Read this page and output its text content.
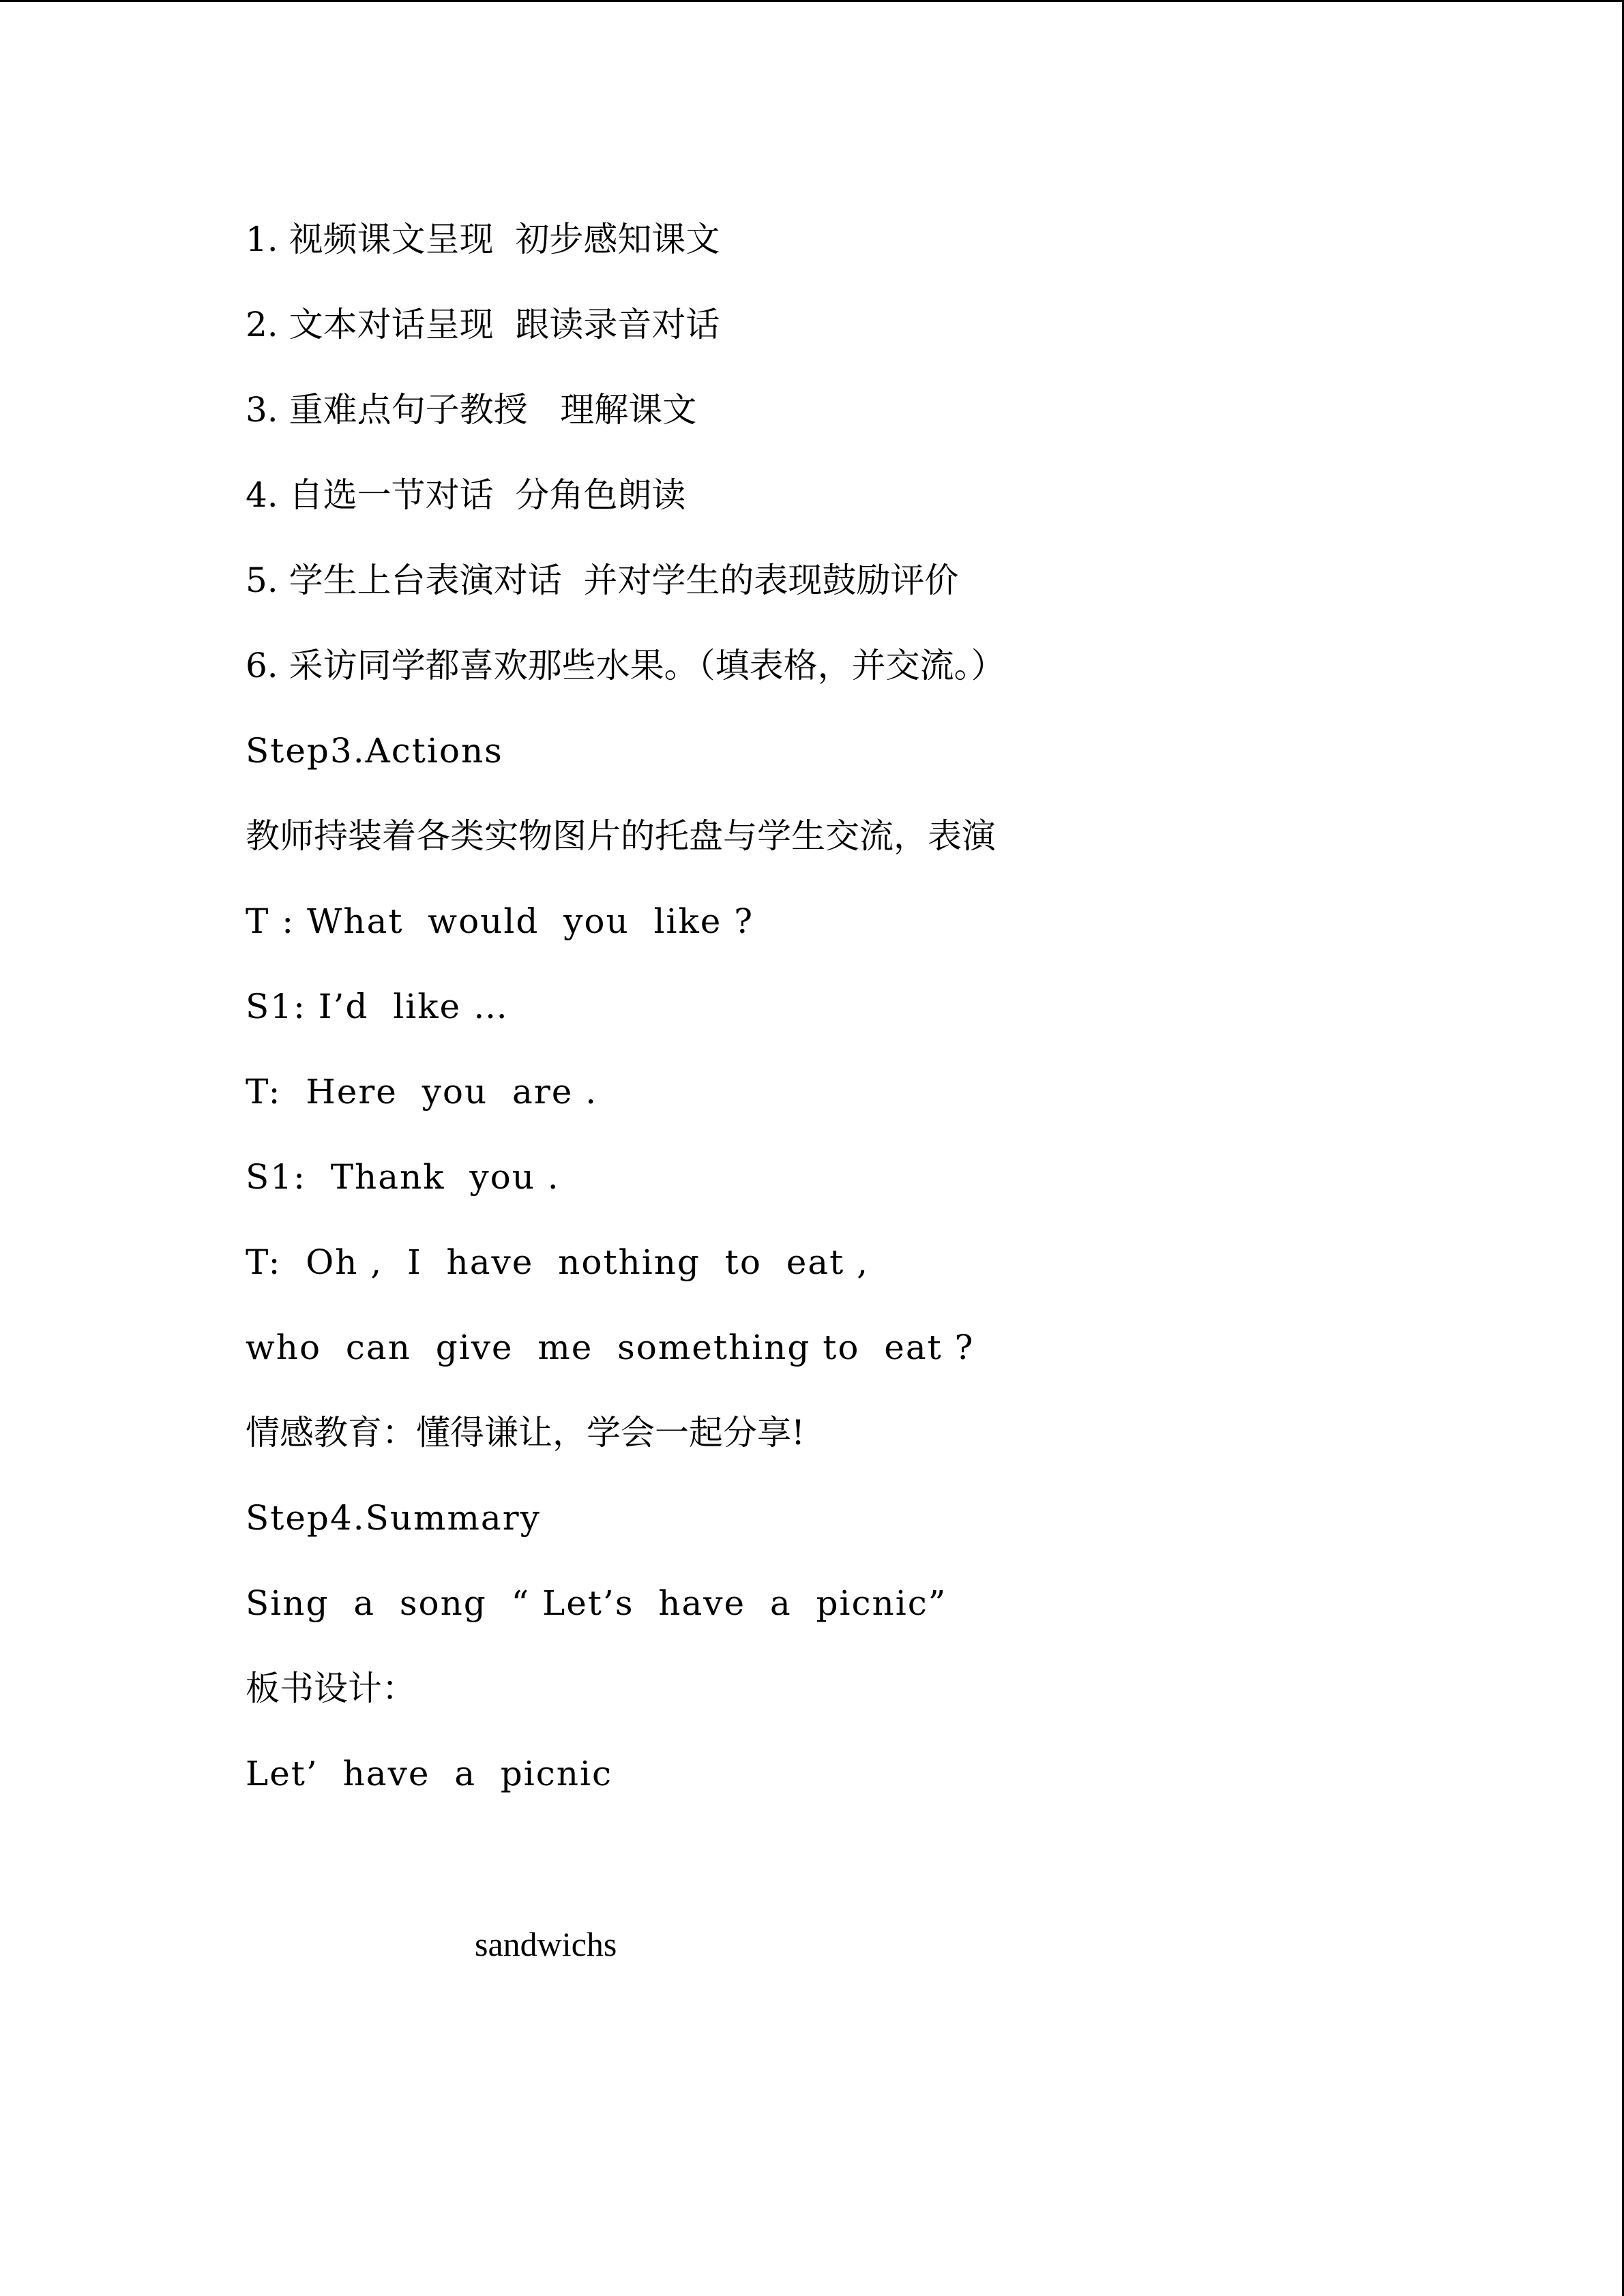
1. 视频课文呈现  初步感知课文

2. 文本对话呈现  跟读录音对话

3. 重难点句子教授   理解课文

4. 自选一节对话  分角色朗读

5. 学生上台表演对话  并对学生的表现鼓励评价

6. 采访同学都喜欢那些水果。（填表格，并交流。）

Step3.Actions

教师持装着各类实物图片的托盘与学生交流，表演

T : What  would  you  like ?

S1: I’d  like …

T:  Here  you  are .

S1:  Thank  you .

T:  Oh ,  I  have  nothing  to  eat ,

who  can  give  me  something to  eat ?

情感教育：懂得谦让，学会一起分享!

Step4.Summary

Sing  a  song  “ Let’s  have  a  picnic”

板书设计：

Let’  have  a  picnic

sandwichs
